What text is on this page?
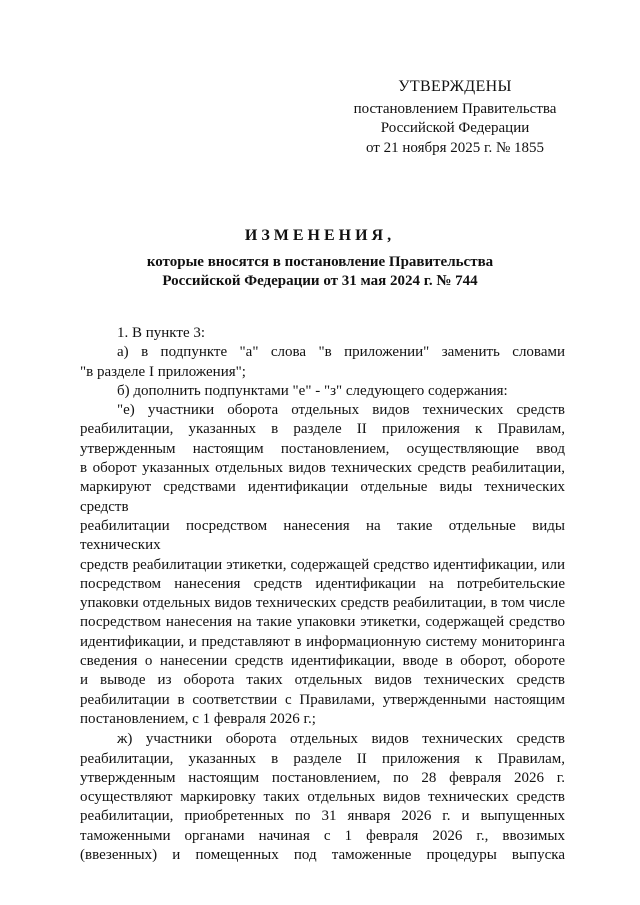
УТВЕРЖДЕНЫ
постановлением Правительства
Российской Федерации
от 21 ноября 2025 г. № 1855
ИЗМЕНЕНИЯ,
которые вносятся в постановление Правительства
Российской Федерации от 31 мая 2024 г. № 744
1. В пункте 3:
а) в подпункте "а" слова "в приложении" заменить словами
"в разделе I приложения";
б) дополнить подпунктами "е" - "з" следующего содержания:
"е) участники оборота отдельных видов технических средств
реабилитации, указанных в разделе II приложения к Правилам,
утвержденным настоящим постановлением, осуществляющие ввод
в оборот указанных отдельных видов технических средств реабилитации,
маркируют средствами идентификации отдельные виды технических средств
реабилитации посредством нанесения на такие отдельные виды технических
средств реабилитации этикетки, содержащей средство идентификации, или
посредством нанесения средств идентификации на потребительские
упаковки отдельных видов технических средств реабилитации, в том числе
посредством нанесения на такие упаковки этикетки, содержащей средство
идентификации, и представляют в информационную систему мониторинга
сведения о нанесении средств идентификации, вводе в оборот, обороте
и выводе из оборота таких отдельных видов технических средств
реабилитации в соответствии с Правилами, утвержденными настоящим
постановлением, с 1 февраля 2026 г.;
ж) участники оборота отдельных видов технических средств
реабилитации, указанных в разделе II приложения к Правилам,
утвержденным настоящим постановлением, по 28 февраля 2026 г.
осуществляют маркировку таких отдельных видов технических средств
реабилитации, приобретенных по 31 января 2026 г. и выпущенных
таможенными органами начиная с 1 февраля 2026 г., ввозимых
(ввезенных) и помещенных под таможенные процедуры выпуска
